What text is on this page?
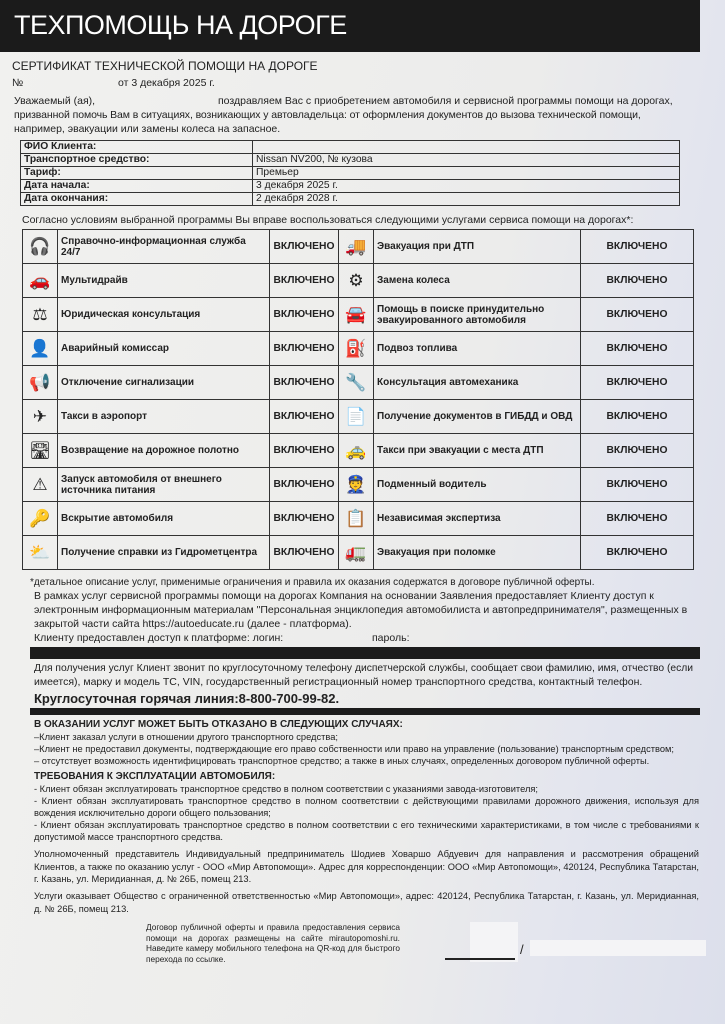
ТЕХПОМОЩЬ НА ДОРОГЕ
СЕРТИФИКАТ ТЕХНИЧЕСКОЙ ПОМОЩИ НА ДОРОГЕ
№	от 3 декабря 2025 г.
Уважаемый (ая),	поздравляем Вас с приобретением автомобиля и сервисной программы помощи на дорогах,
призванной помочь Вам в ситуациях, возникающих у автовладельца: от оформления документов до вызова технической помощи,
например, эвакуации или замены колеса на запасное.
ФИО Клиента:	
Транспортное средство:	Nissan NV200, № кузова
Тариф:	Премьер
Дата начала:	3 декабря 2025 г.
Дата окончания:	2 декабря 2028 г.
Согласно условиям выбранной программы Вы вправе воспользоваться следующими услугами сервиса помощи на дорогах*:
🎧	Справочно-информационная служба 24/7	ВКЛЮЧЕНО	🚚	Эвакуация при ДТП	ВКЛЮЧЕНО
🚗	Мультидрайв	ВКЛЮЧЕНО	⚙	Замена колеса	ВКЛЮЧЕНО
⚖	Юридическая консультация	ВКЛЮЧЕНО	🚘	Помощь в поиске принудительно эвакуированного автомобиля	ВКЛЮЧЕНО
👤	Аварийный комиссар	ВКЛЮЧЕНО	⛽	Подвоз топлива	ВКЛЮЧЕНО
📢	Отключение сигнализации	ВКЛЮЧЕНО	🔧	Консультация автомеханика	ВКЛЮЧЕНО
✈	Такси в аэропорт	ВКЛЮЧЕНО	📄	Получение документов в ГИБДД и ОВД	ВКЛЮЧЕНО
🛣	Возвращение на дорожное полотно	ВКЛЮЧЕНО	🚕	Такси при эвакуации с места ДТП	ВКЛЮЧЕНО
⚠	Запуск автомобиля от внешнего источника питания	ВКЛЮЧЕНО	👮	Подменный водитель	ВКЛЮЧЕНО
🔑	Вскрытие автомобиля	ВКЛЮЧЕНО	📋	Независимая экспертиза	ВКЛЮЧЕНО
⛅	Получение справки из Гидрометцентра	ВКЛЮЧЕНО	🚛	Эвакуация при поломке	ВКЛЮЧЕНО
*детальное описание услуг, применимые ограничения и правила их оказания содержатся в договоре публичной оферты.
В рамках услуг сервисной программы помощи на дорогах Компания на основании Заявления предоставляет Клиенту доступ к
электронным информационным материалам "Персональная энциклопедия автомобилиста и автопредпринимателя", размещенных в
закрытой части сайта https://autoeducate.ru (далее - платформа).
Клиенту предоставлен доступ к платформе: логин:	пароль:
Для получения услуг Клиент звонит по круглосуточному телефону диспетчерской службы, сообщает свои фамилию, имя, отчество (если
имеется), марку и модель ТС, VIN, государственный регистрационный номер транспортного средства, контактный телефон.
Круглосуточная горячая линия:8-800-700-99-82.
В ОКАЗАНИИ УСЛУГ МОЖЕТ БЫТЬ ОТКАЗАНО В СЛЕДУЮЩИХ СЛУЧАЯХ:
–Клиент заказал услуги в отношении другого транспортного средства;
–Клиент не предоставил документы, подтверждающие его право собственности или право на управление (пользование) транспортным средством;
– отсутствует возможность идентифицировать транспортное средство; а также в иных случаях, определенных договором публичной оферты.
ТРЕБОВАНИЯ К ЭКСПЛУАТАЦИИ АВТОМОБИЛЯ:
- Клиент обязан эксплуатировать транспортное средство в полном соответствии с указаниями завода-изготовителя;
- Клиент обязан эксплуатировать транспортное средство в полном соответствии с действующими правилами дорожного движения, используя для вождения исключительно дороги общего пользования;
- Клиент обязан эксплуатировать транспортное средство в полном соответствии с его техническими характеристиками, в том числе с требованиями к допустимой массе транспортного средства.
Уполномоченный представитель Индивидуальный предприниматель Шодиев Ховаршо Абдуевич для направления и рассмотрения обращений Клиентов, а также по оказанию услуг - ООО «Мир Автопомощи». Адрес для корреспонденции: ООО «Мир Автопомощи», 420124, Республика Татарстан, г. Казань, ул. Меридианная, д. № 26Б, помещ 213.
Услуги оказывает Общество с ограниченной ответственностью «Мир Автопомощи», адрес: 420124, Республика Татарстан, г. Казань, ул. Меридианная, д. № 26Б, помещ 213.
Договор публичной оферты и правила предоставления сервиса помощи на дорогах размещены на сайте mirautopomoshi.ru. Наведите камеру мобильного телефона на QR-код для быстрого перехода по ссылке.
/
